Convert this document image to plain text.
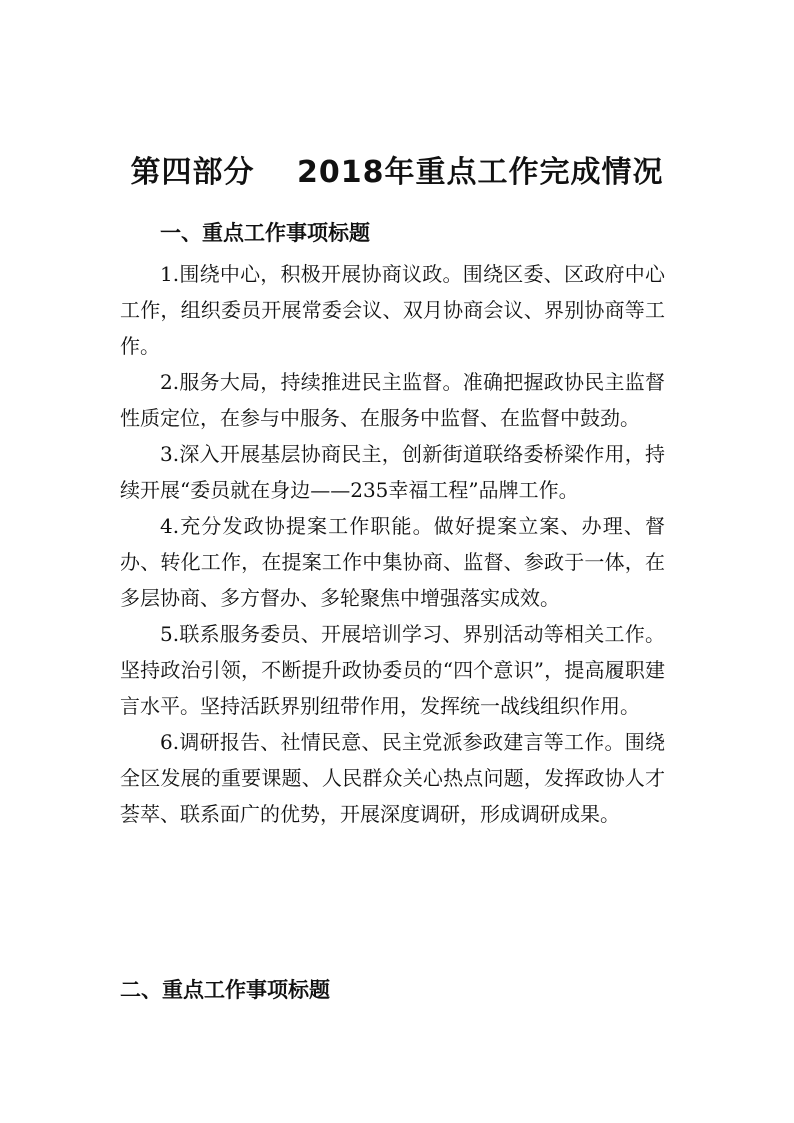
第四部分　 2018年重点工作完成情况
一、重点工作事项标题

1.围绕中心，积极开展协商议政。围绕区委、区政府中心工作，组织委员开展常委会议、双月协商会议、界别协商等工作。

2.服务大局，持续推进民主监督。准确把握政协民主监督性质定位，在参与中服务、在服务中监督、在监督中鼓劲。

3.深入开展基层协商民主，创新街道联络委桥梁作用，持续开展“委员就在身边——235幸福工程”品牌工作。

4.充分发政协提案工作职能。做好提案立案、办理、督办、转化工作，在提案工作中集协商、监督、参政于一体，在多层协商、多方督办、多轮聚焦中增强落实成效。

5.联系服务委员、开展培训学习、界别活动等相关工作。坚持政治引领，不断提升政协委员的“四个意识”，提高履职建言水平。坚持活跃界别纽带作用，发挥统一战线组织作用。

6.调研报告、社情民意、民主党派参政建言等工作。围绕全区发展的重要课题、人民群众关心热点问题，发挥政协人才荟萃、联系面广的优势，开展深度调研，形成调研成果。

二、重点工作事项标题
